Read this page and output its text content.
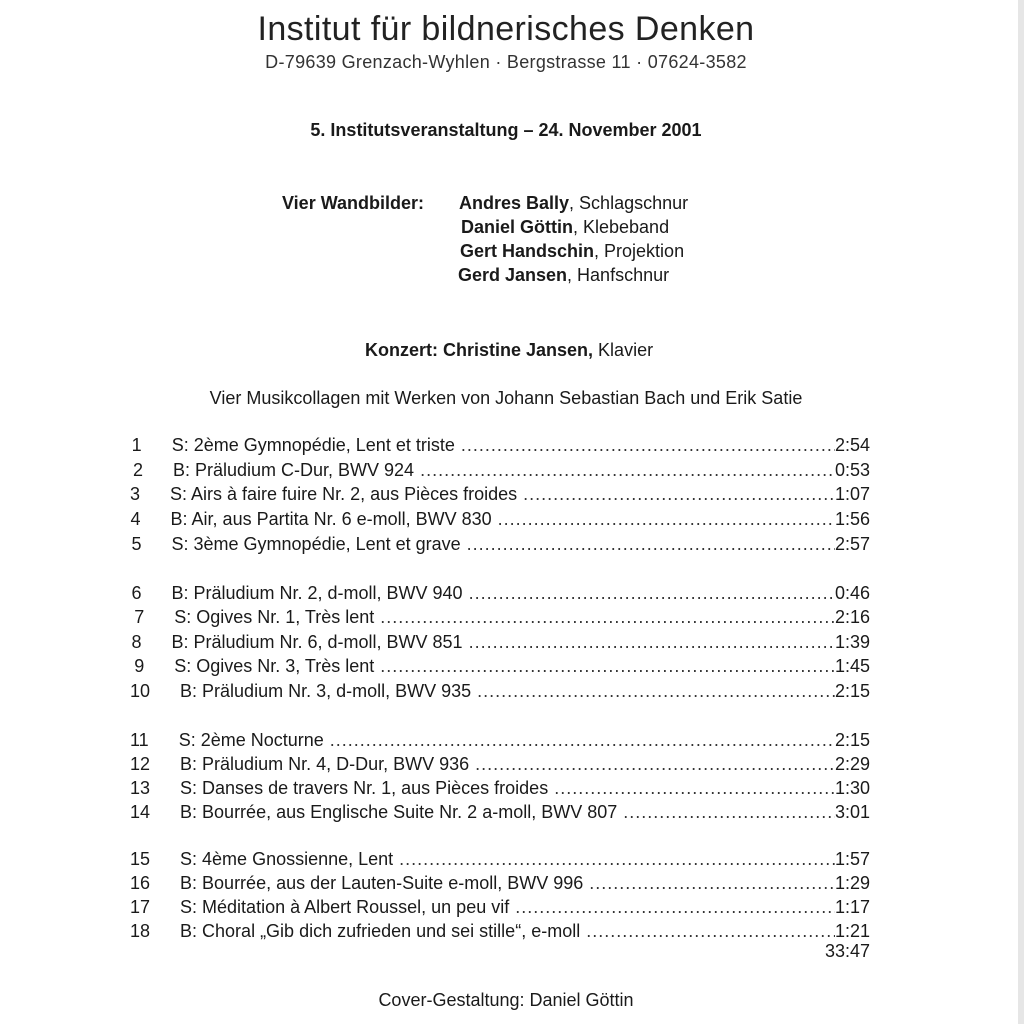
Institut für bildnerisches Denken
D-79639 Grenzach-Wyhlen · Bergstrasse 11 · 07624-3582
5. Institutsveranstaltung – 24. November 2001
Vier Wandbilder: Andres Bally, Schlagschnur
Daniel Göttin, Klebeband
Gert Handschin, Projektion
Gerd Jansen, Hanfschnur
Konzert: Christine Jansen, Klavier
Vier Musikcollagen mit Werken von Johann Sebastian Bach und Erik Satie
1 S: 2ème Gymnopédie, Lent et triste .....	2:54
2 B: Präludium C-Dur, BWV 924 .....	0:53
3 S: Airs à faire fuire Nr. 2, aus Pièces froides .....	1:07
4 B: Air, aus Partita Nr. 6 e-moll, BWV 830 .....	1:56
5 S: 3ème Gymnopédie, Lent et grave .....	2:57
6 B: Präludium Nr. 2, d-moll, BWV 940 .....	0:46
7 S: Ogives Nr. 1, Très lent .....	2:16
8 B: Präludium Nr. 6, d-moll, BWV 851 .....	1:39
9 S: Ogives Nr. 3, Très lent .....	1:45
10 B: Präludium Nr. 3, d-moll, BWV 935 .....	2:15
11 S: 2ème Nocturne .....	2:15
12 B: Präludium Nr. 4, D-Dur, BWV 936 .....	2:29
13 S: Danses de travers Nr. 1, aus Pièces froides .....	1:30
14 B: Bourrée, aus Englische Suite Nr. 2 a-moll, BWV 807 .....	3:01
15 S: 4ème Gnossienne, Lent .....	1:57
16 B: Bourrée, aus der Lauten-Suite e-moll, BWV 996 .....	1:29
17 S: Méditation à Albert Roussel, un peu vif .....	1:17
18 B: Choral „Gib dich zufrieden und sei stille“, e-moll .....	1:21
33:47
Cover-Gestaltung: Daniel Göttin
